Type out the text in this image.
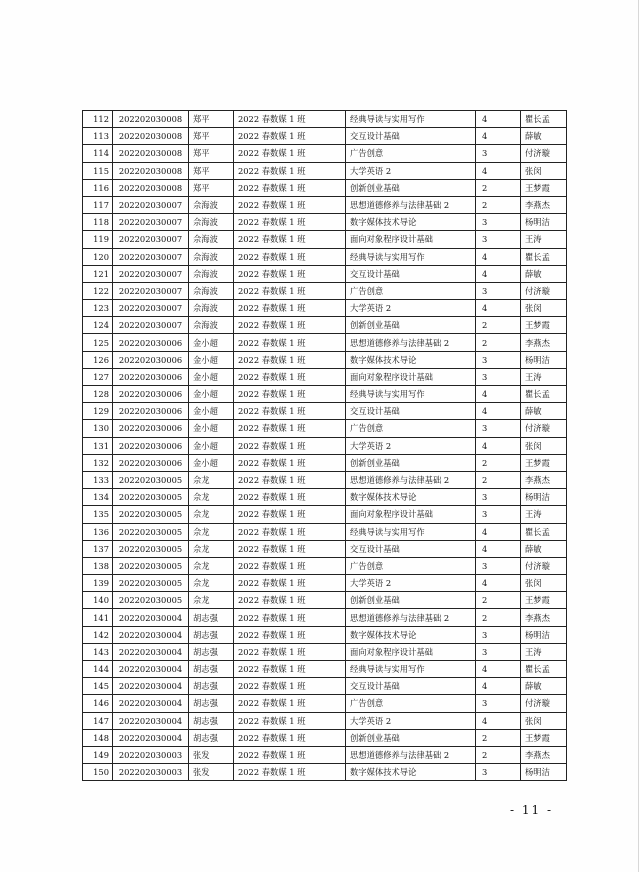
112	202202030008	郑平	2022 春数媒 1 班	经典导读与实用写作	4	瞿长孟
113	202202030008	郑平	2022 春数媒 1 班	交互设计基础	4	薛敏
114	202202030008	郑平	2022 春数媒 1 班	广告创意	3	付济璇
115	202202030008	郑平	2022 春数媒 1 班	大学英语 2	4	张闵
116	202202030008	郑平	2022 春数媒 1 班	创新创业基础	2	王梦霞
117	202202030007	佘海波	2022 春数媒 1 班	思想道德修养与法律基础 2	2	李燕杰
118	202202030007	佘海波	2022 春数媒 1 班	数字媒体技术导论	3	杨明洁
119	202202030007	佘海波	2022 春数媒 1 班	面向对象程序设计基础	3	王涛
120	202202030007	佘海波	2022 春数媒 1 班	经典导读与实用写作	4	瞿长孟
121	202202030007	佘海波	2022 春数媒 1 班	交互设计基础	4	薛敏
122	202202030007	佘海波	2022 春数媒 1 班	广告创意	3	付济璇
123	202202030007	佘海波	2022 春数媒 1 班	大学英语 2	4	张闵
124	202202030007	佘海波	2022 春数媒 1 班	创新创业基础	2	王梦霞
125	202202030006	金小超	2022 春数媒 1 班	思想道德修养与法律基础 2	2	李燕杰
126	202202030006	金小超	2022 春数媒 1 班	数字媒体技术导论	3	杨明洁
127	202202030006	金小超	2022 春数媒 1 班	面向对象程序设计基础	3	王涛
128	202202030006	金小超	2022 春数媒 1 班	经典导读与实用写作	4	瞿长孟
129	202202030006	金小超	2022 春数媒 1 班	交互设计基础	4	薛敏
130	202202030006	金小超	2022 春数媒 1 班	广告创意	3	付济璇
131	202202030006	金小超	2022 春数媒 1 班	大学英语 2	4	张闵
132	202202030006	金小超	2022 春数媒 1 班	创新创业基础	2	王梦霞
133	202202030005	佘龙	2022 春数媒 1 班	思想道德修养与法律基础 2	2	李燕杰
134	202202030005	佘龙	2022 春数媒 1 班	数字媒体技术导论	3	杨明洁
135	202202030005	佘龙	2022 春数媒 1 班	面向对象程序设计基础	3	王涛
136	202202030005	佘龙	2022 春数媒 1 班	经典导读与实用写作	4	瞿长孟
137	202202030005	佘龙	2022 春数媒 1 班	交互设计基础	4	薛敏
138	202202030005	佘龙	2022 春数媒 1 班	广告创意	3	付济璇
139	202202030005	佘龙	2022 春数媒 1 班	大学英语 2	4	张闵
140	202202030005	佘龙	2022 春数媒 1 班	创新创业基础	2	王梦霞
141	202202030004	胡志强	2022 春数媒 1 班	思想道德修养与法律基础 2	2	李燕杰
142	202202030004	胡志强	2022 春数媒 1 班	数字媒体技术导论	3	杨明洁
143	202202030004	胡志强	2022 春数媒 1 班	面向对象程序设计基础	3	王涛
144	202202030004	胡志强	2022 春数媒 1 班	经典导读与实用写作	4	瞿长孟
145	202202030004	胡志强	2022 春数媒 1 班	交互设计基础	4	薛敏
146	202202030004	胡志强	2022 春数媒 1 班	广告创意	3	付济璇
147	202202030004	胡志强	2022 春数媒 1 班	大学英语 2	4	张闵
148	202202030004	胡志强	2022 春数媒 1 班	创新创业基础	2	王梦霞
149	202202030003	张发	2022 春数媒 1 班	思想道德修养与法律基础 2	2	李燕杰
150	202202030003	张发	2022 春数媒 1 班	数字媒体技术导论	3	杨明洁
- 11 -
